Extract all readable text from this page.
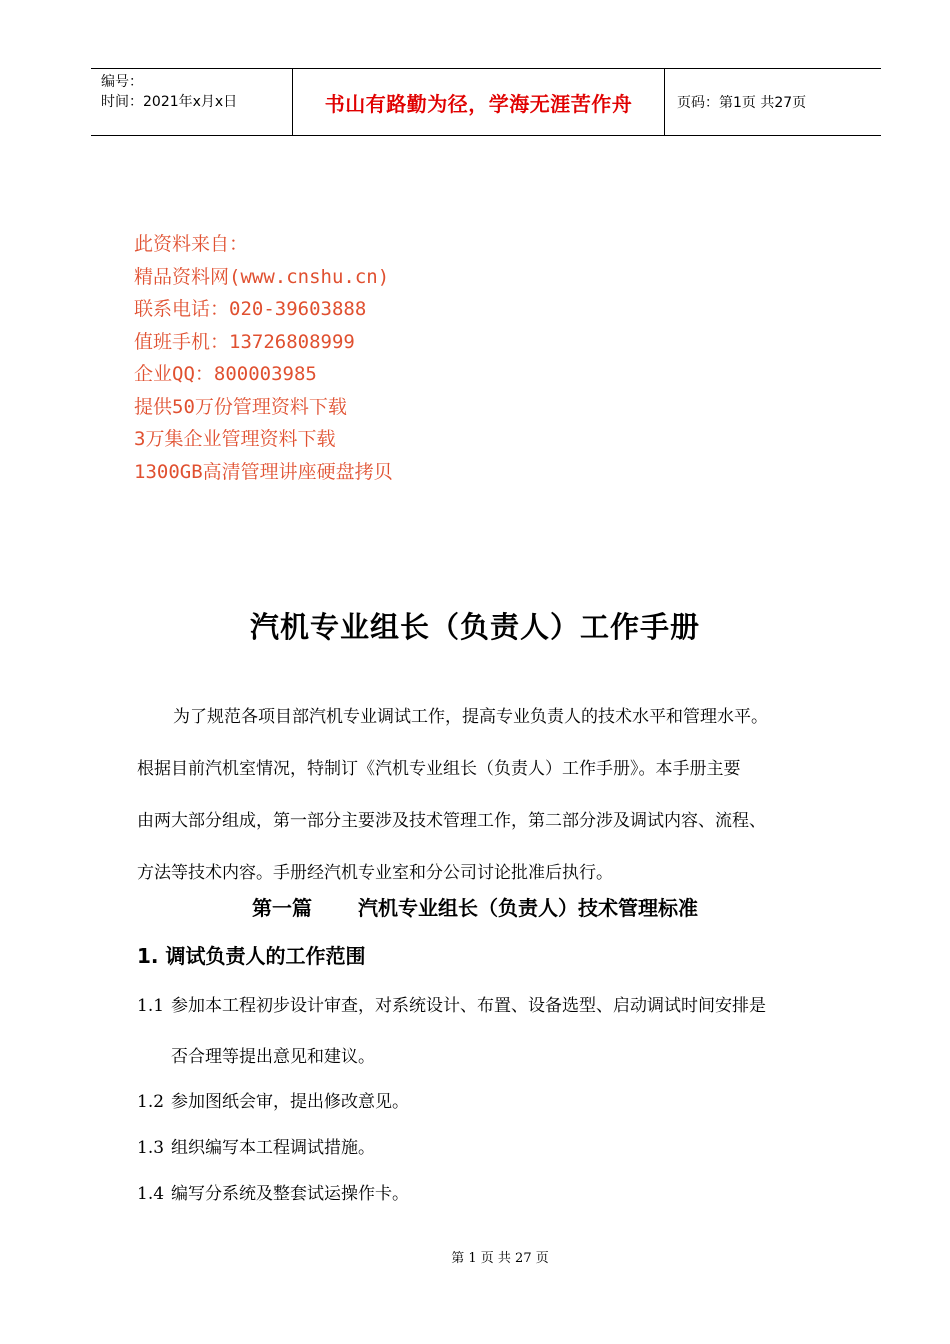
编号：
时间：2021年x月x日	书山有路勤为径，学海无涯苦作舟	页码：第1页 共27页
此资料来自：
精品资料网(www.cnshu.cn)
联系电话：020-39603888
值班手机：13726808999
企业QQ：800003985
提供50万份管理资料下载
3万集企业管理资料下载
1300GB高清管理讲座硬盘拷贝
汽机专业组长（负责人）工作手册
为了规范各项目部汽机专业调试工作，提高专业负责人的技术水平和管理水平。
根据目前汽机室情况，特制订《汽机专业组长（负责人）工作手册》。本手册主要
由两大部分组成，第一部分主要涉及技术管理工作，第二部分涉及调试内容、流程、
方法等技术内容。手册经汽机专业室和分公司讨论批准后执行。
第一篇 汽机专业组长（负责人）技术管理标准
1. 调试负责人的工作范围
1.1 参加本工程初步设计审查，对系统设计、布置、设备选型、启动调试时间安排是
否合理等提出意见和建议。
1.2 参加图纸会审，提出修改意见。
1.3 组织编写本工程调试措施。
1.4 编写分系统及整套试运操作卡。
第 1 页 共 27 页
